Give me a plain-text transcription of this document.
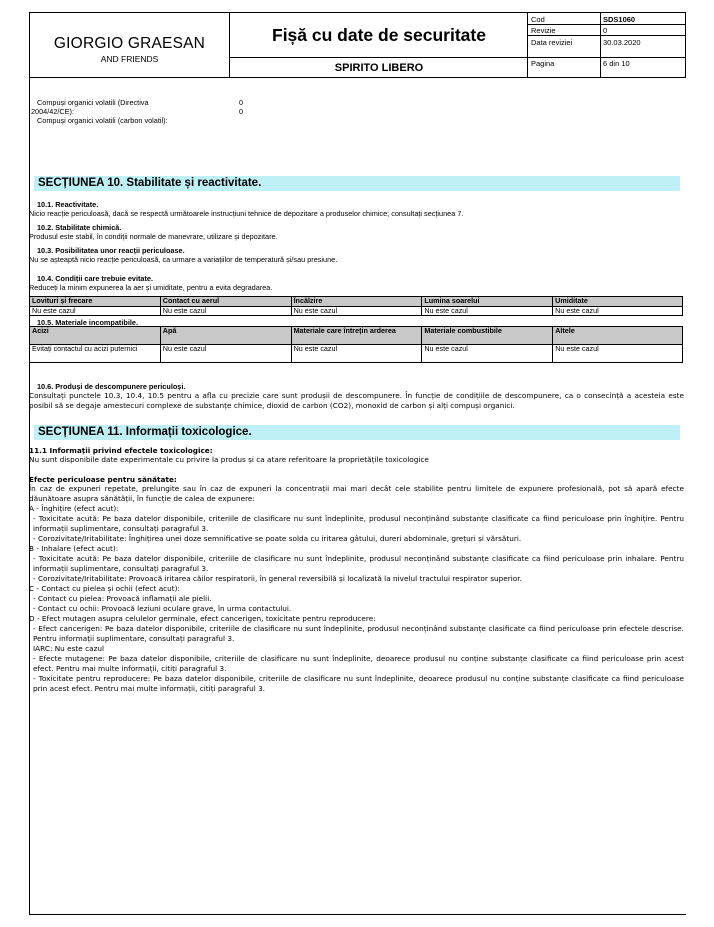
GIORGIO GRAESAN
AND FRIENDS
Fișă cu date de securitate
SPIRITO LIBERO
Cod	SDS1060
Revizie	0
Data reviziei	30.03.2020
Pagina	6 din 10
Compuși organici volatili (Directiva	0
2004/42/CE):	0
Compuși organici volatili (carbon volatil):
SECȚIUNEA 10. Stabilitate și reactivitate.
10.1. Reactivitate.
Nicio reacție periculoasă, dacă se respectă următoarele instrucțiuni tehnice de depozitare a produselor chimice; consultați secțiunea 7.
10.2. Stabilitate chimică.
Produsul este stabil, în condiții normale de manevrare, utilizare și depozitare.
10.3. Posibilitatea unor reacții periculoase.
Nu se așteaptă nicio reacție periculoasă, ca urmare a variațiilor de temperatură și/sau presiune.
10.4. Condiții care trebuie evitate.
Reduceți la minim expunerea la aer și umiditate, pentru a evita degradarea.
Lovituri și frecare	Contact cu aerul	Încălzire	Lumina soarelui	Umiditate
Nu este cazul	Nu este cazul	Nu este cazul	Nu este cazul	Nu este cazul
10.5. Materiale incompatibile.
Acizi	Apă	Materiale care întrețin arderea	Materiale combustibile	Altele
Evitați contactul cu acizi puternici	Nu este cazul	Nu este cazul	Nu este cazul	Nu este cazul
10.6. Produși de descompunere periculoși.
Consultați punctele 10.3, 10.4, 10.5 pentru a afla cu precizie care sunt produșii de descompunere. În funcție de condițiile de descompunere, ca o consecință a acesteia este posibil să se degaje amestecuri complexe de substanțe chimice, dioxid de carbon (CO2), monoxid de carbon și alți compuși organici.
SECȚIUNEA 11. Informații toxicologice.
11.1 Informații privind efectele toxicologice:
Nu sunt disponibile date experimentale cu privire la produs și ca atare referitoare la proprietățile toxicologice
Efecte periculoase pentru sănătate:
În caz de expuneri repetate, prelungite sau în caz de expuneri la concentrații mai mari decât cele stabilite pentru limitele de expunere profesională, pot să apară efecte dăunătoare asupra sănătății, în funcție de calea de expunere:
A - Înghițire (efect acut):
- Toxicitate acută: Pe baza datelor disponibile, criteriile de clasificare nu sunt îndeplinite, produsul neconținând substanțe clasificate ca fiind periculoase prin înghițire. Pentru informații suplimentare, consultați paragraful 3.
- Corozivitate/Iritabilitate: Înghițirea unei doze semnificative se poate solda cu iritarea gâtului, dureri abdominale, grețuri și vărsături.
B - Inhalare (efect acut):
- Toxicitate acută: Pe baza datelor disponibile, criteriile de clasificare nu sunt îndeplinite, produsul neconținând substanțe clasificate ca fiind periculoase prin inhalare. Pentru informații suplimentare, consultați paragraful 3.
- Corozivitate/Iritabilitate: Provoacă iritarea căilor respiratorii, în general reversibilă și localizată la nivelul tractului respirator superior.
C - Contact cu pielea și ochii (efect acut):
- Contact cu pielea: Provoacă inflamații ale pielii.
- Contact cu ochii: Provoacă leziuni oculare grave, în urma contactului.
D - Efect mutagen asupra celulelor germinale, efect cancerigen, toxicitate pentru reproducere:
- Efect cancerigen: Pe baza datelor disponibile, criteriile de clasificare nu sunt îndeplinite, produsul neconținând substanțe clasificate ca fiind periculoase prin efectele descrise. Pentru informații suplimentare, consultați paragraful 3.
IARC: Nu este cazul
- Efecte mutagene: Pe baza datelor disponibile, criteriile de clasificare nu sunt îndeplinite, deoarece produsul nu conține substanțe clasificate ca fiind periculoase prin acest efect. Pentru mai multe informații, citiți paragraful 3.
- Toxicitate pentru reproducere: Pe baza datelor disponibile, criteriile de clasificare nu sunt îndeplinite, deoarece produsul nu conține substanțe clasificate ca fiind periculoase prin acest efect. Pentru mai multe informații, citiți paragraful 3.
